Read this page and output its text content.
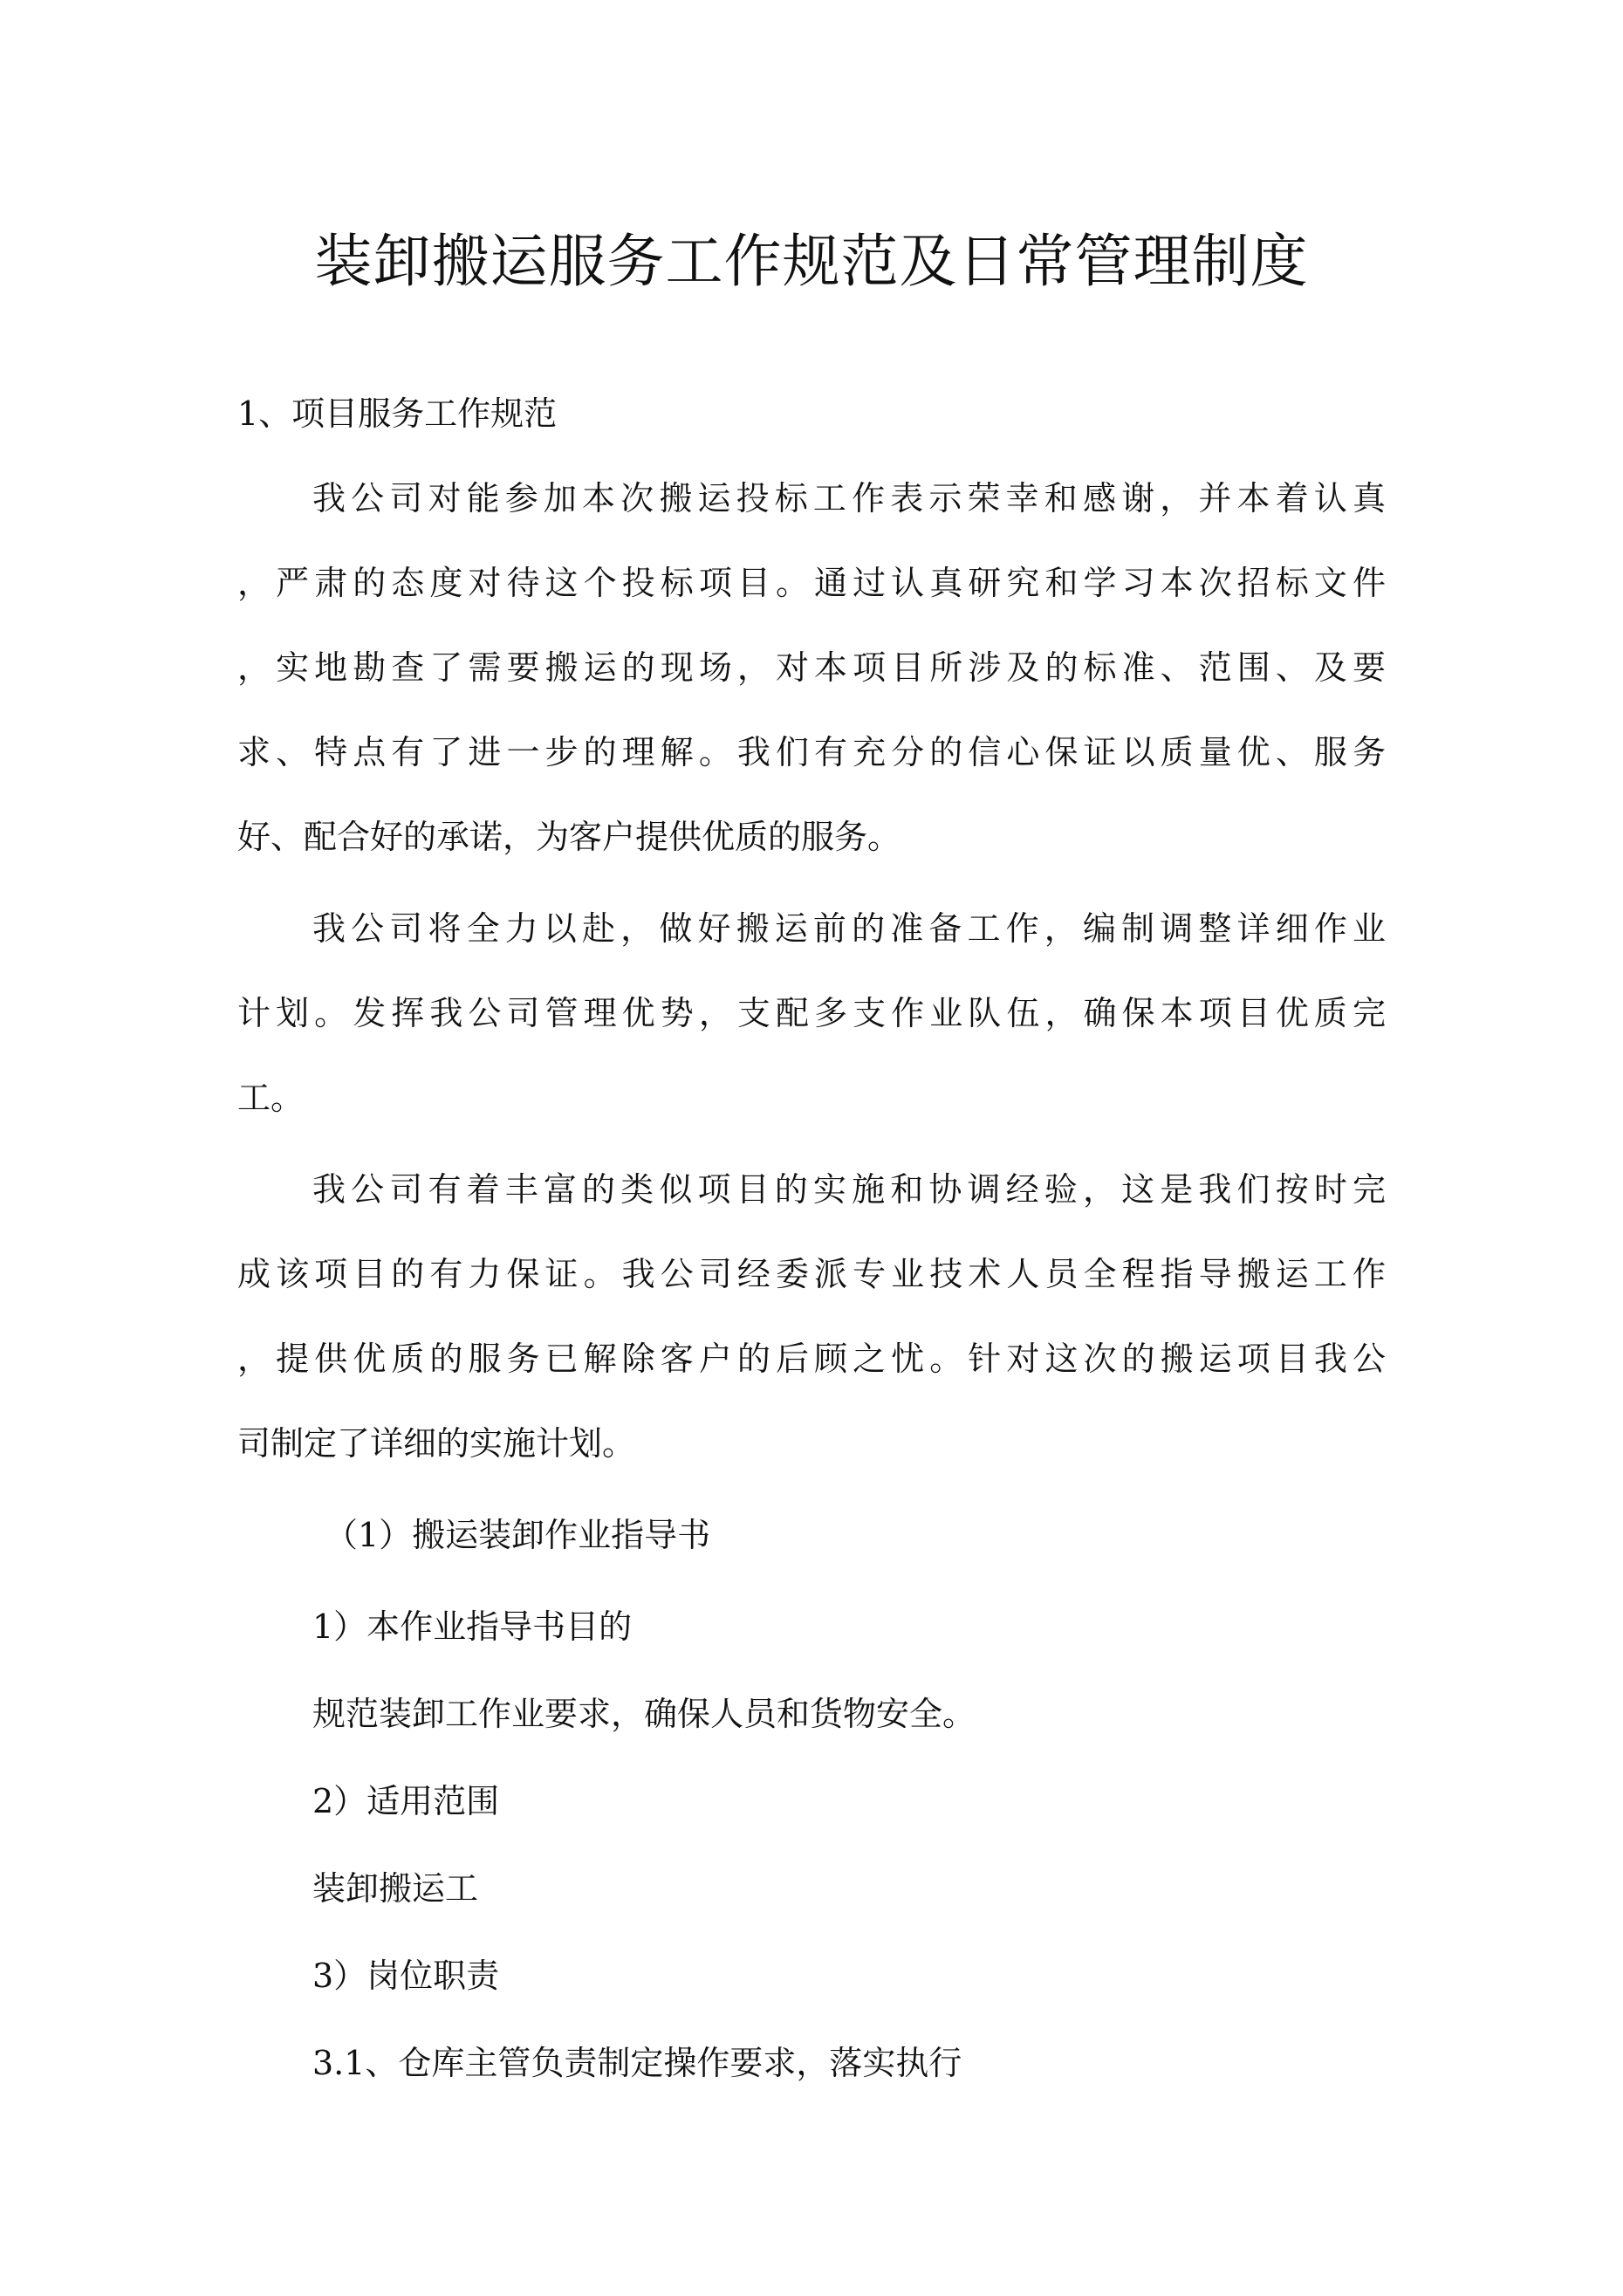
装卸搬运服务工作规范及日常管理制度
1、项目服务工作规范
我公司对能参加本次搬运投标工作表示荣幸和感谢，并本着认真
，严肃的态度对待这个投标项目。通过认真研究和学习本次招标文件
，实地勘查了需要搬运的现场，对本项目所涉及的标准、范围、及要
求、特点有了进一步的理解。我们有充分的信心保证以质量优、服务
好、配合好的承诺，为客户提供优质的服务。
我公司将全力以赴，做好搬运前的准备工作，编制调整详细作业
计划。发挥我公司管理优势，支配多支作业队伍，确保本项目优质完
工。
我公司有着丰富的类似项目的实施和协调经验，这是我们按时完
成该项目的有力保证。我公司经委派专业技术人员全程指导搬运工作
，提供优质的服务已解除客户的后顾之忧。针对这次的搬运项目我公
司制定了详细的实施计划。
（1）搬运装卸作业指导书
1）本作业指导书目的
规范装卸工作业要求，确保人员和货物安全。
2）适用范围
装卸搬运工
3）岗位职责
3.1、仓库主管负责制定操作要求，落实执行
